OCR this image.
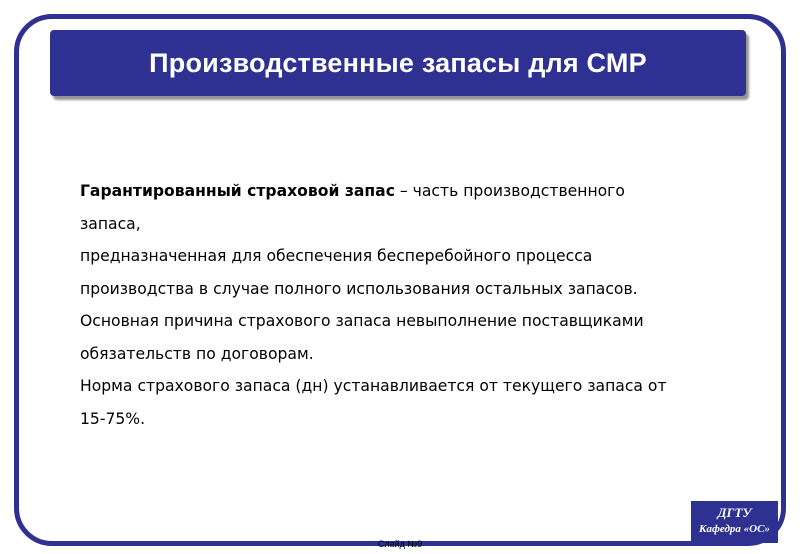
Производственные запасы для СМР

Гарантированный страховой запас – часть производственного

запаса,

предназначенная для обеспечения бесперебойного процесса

производства в случае полного использования остальных запасов.

Основная причина страхового запаса невыполнение поставщиками

обязательств по договорам.

Норма страхового запаса (дн) устанавливается от текущего запаса от

15-75%.

ДГТУ
Кафедра «ОС»
Слайд №9
